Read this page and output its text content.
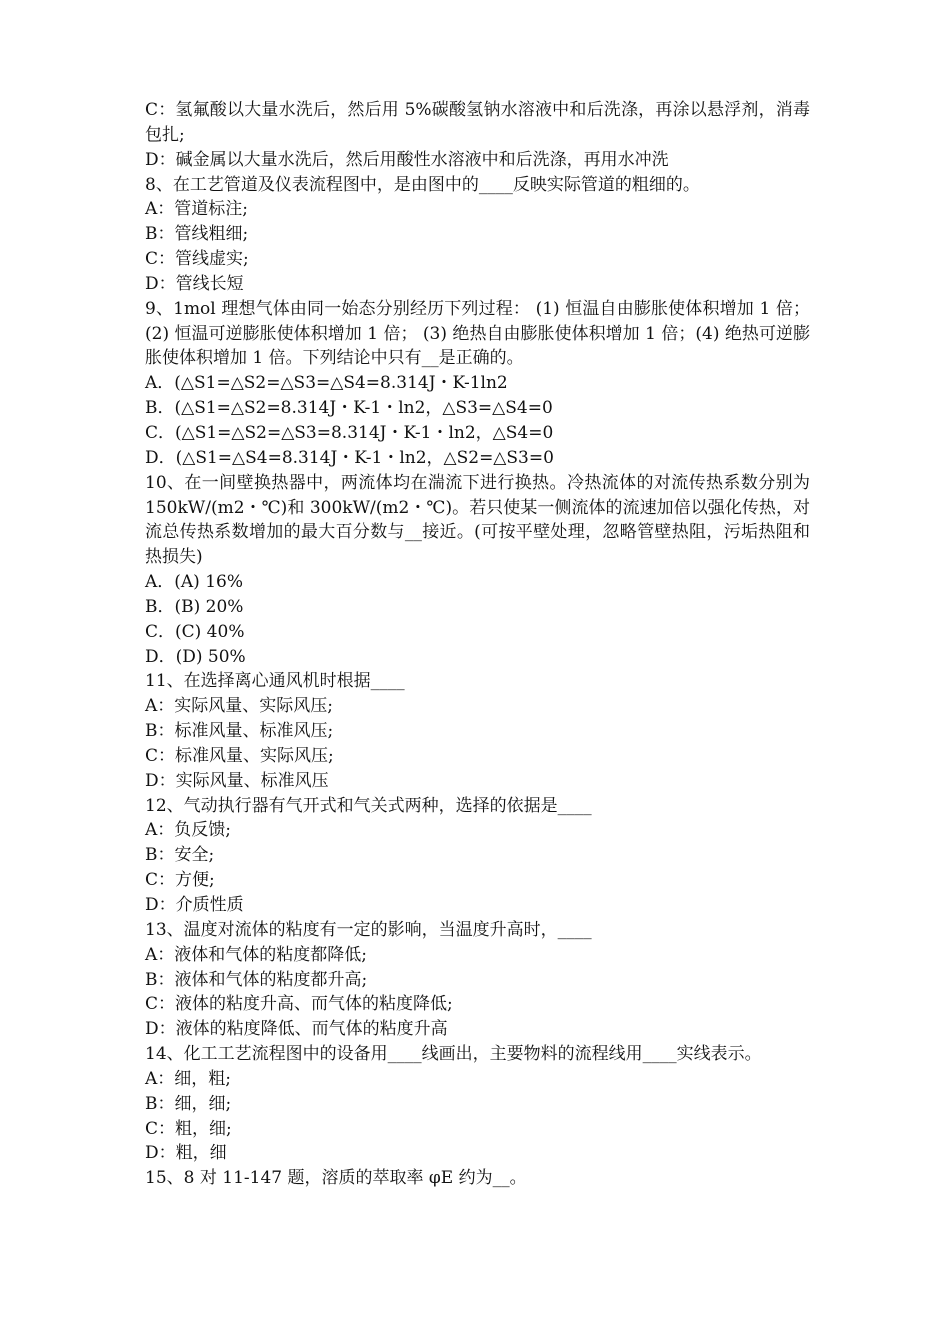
C：氢氟酸以大量水洗后，然后用 5%碳酸氢钠水溶液中和后洗涤，再涂以悬浮剂，消毒包扎;

D：碱金属以大量水洗后，然后用酸性水溶液中和后洗涤，再用水冲洗

8、在工艺管道及仪表流程图中，是由图中的____反映实际管道的粗细的。

A：管道标注;

B：管线粗细;

C：管线虚实;

D：管线长短

9、1mol 理想气体由同一始态分别经历下列过程： (1) 恒温自由膨胀使体积增加 1 倍；(2) 恒温可逆膨胀使体积增加 1 倍； (3) 绝热自由膨胀使体积增加 1 倍；(4) 绝热可逆膨胀使体积增加 1 倍。下列结论中只有__是正确的。

A．(△S1=△S2=△S3=△S4=8.314J・K-1ln2

B．(△S1=△S2=8.314J・K-1・ln2，△S3=△S4=0

C．(△S1=△S2=△S3=8.314J・K-1・ln2，△S4=0

D．(△S1=△S4=8.314J・K-1・ln2，△S2=△S3=0

10、在一间壁换热器中，两流体均在湍流下进行换热。冷热流体的对流传热系数分别为 150kW/(m2・℃)和 300kW/(m2・℃)。若只使某一侧流体的流速加倍以强化传热，对流总传热系数增加的最大百分数与__接近。(可按平壁处理，忽略管壁热阻，污垢热阻和热损失)

A．(A) 16%

B．(B) 20%

C．(C) 40%

D．(D) 50%

11、在选择离心通风机时根据____

A：实际风量、实际风压;

B：标准风量、标准风压;

C：标准风量、实际风压;

D：实际风量、标准风压

12、气动执行器有气开式和气关式两种，选择的依据是____

A：负反馈;

B：安全;

C：方便;

D：介质性质

13、温度对流体的粘度有一定的影响，当温度升高时，____

A：液体和气体的粘度都降低;

B：液体和气体的粘度都升高;

C：液体的粘度升高、而气体的粘度降低;

D：液体的粘度降低、而气体的粘度升高

14、化工工艺流程图中的设备用____线画出，主要物料的流程线用____实线表示。

A：细，粗;

B：细，细;

C：粗，细;

D：粗，细

15、8 对 11-147 题，溶质的萃取率 φE 约为__。
